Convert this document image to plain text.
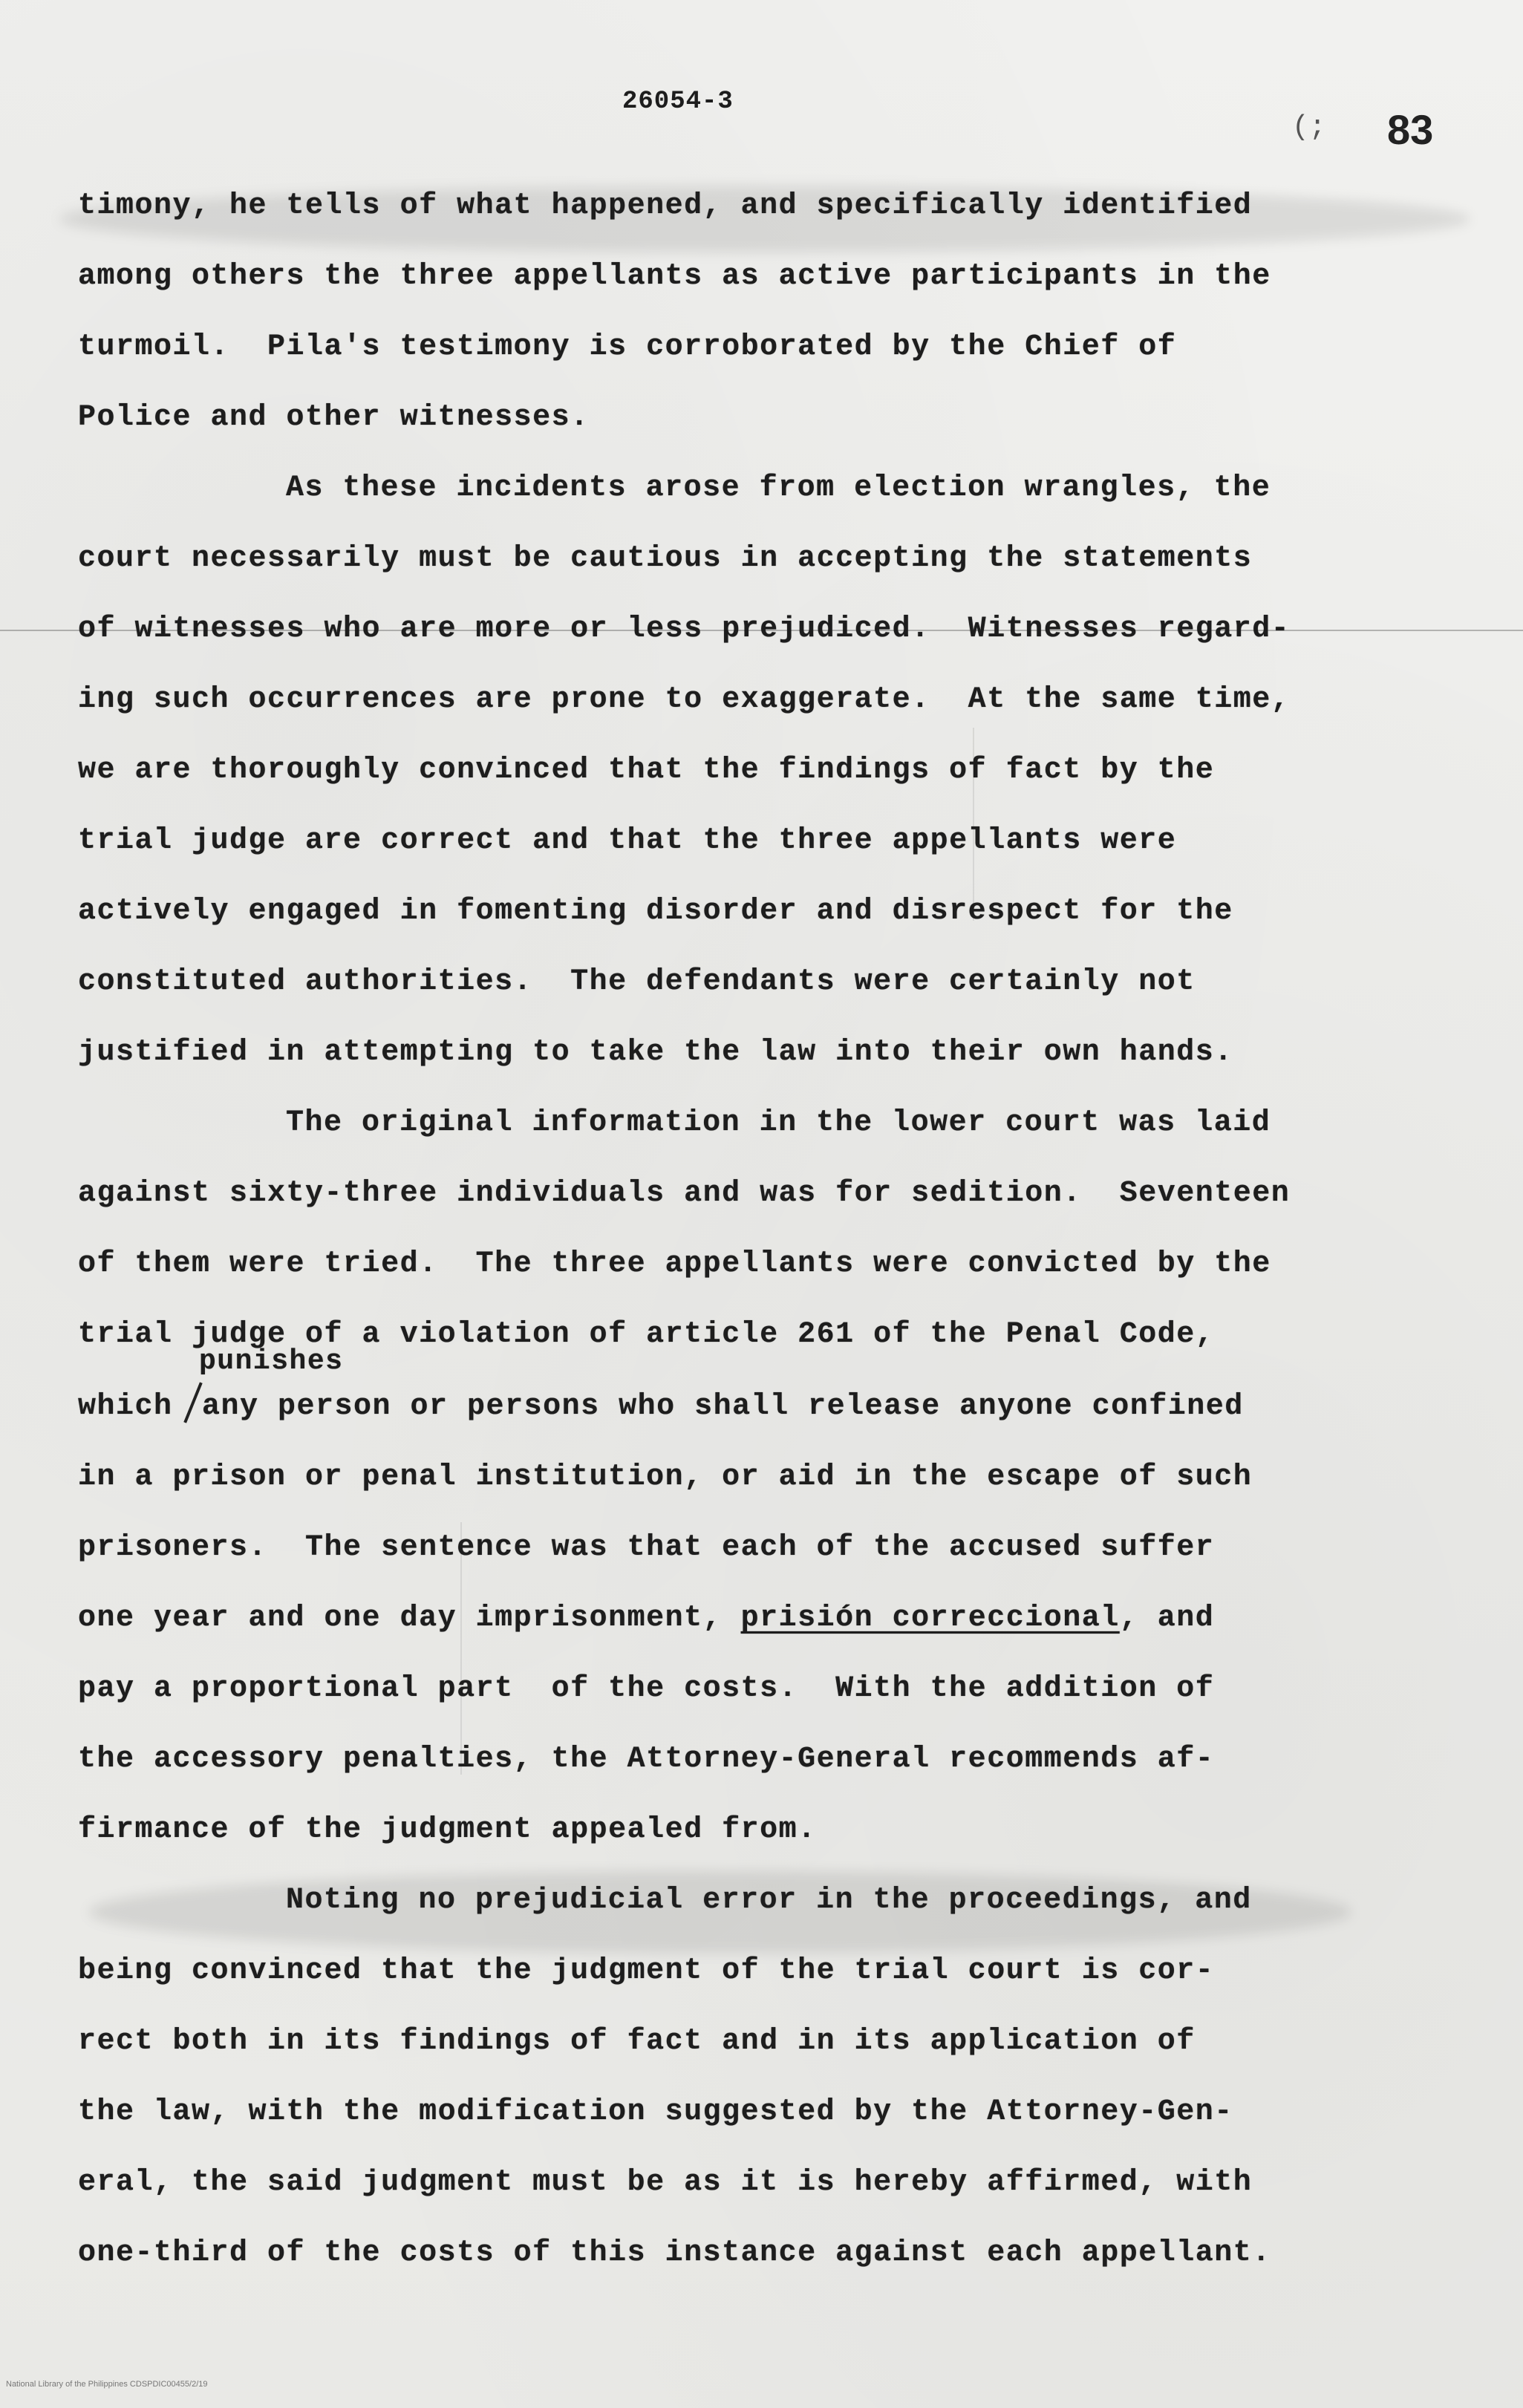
26054-3
(; 83
timony, he tells of what happened, and specifically identified
among others the three appellants as active participants in the
turmoil.  Pila's testimony is corroborated by the Chief of
Police and other witnesses.
As these incidents arose from election wrangles, the
court necessarily must be cautious in accepting the statements
of witnesses who are more or less prejudiced.  Witnesses regard-
ing such occurrences are prone to exaggerate.  At the same time,
we are thoroughly convinced that the findings of fact by the
trial judge are correct and that the three appellants were
actively engaged in fomenting disorder and disrespect for the
constituted authorities.  The defendants were certainly not
justified in attempting to take the law into their own hands.
The original information in the lower court was laid
against sixty-three individuals and was for sedition.  Seventeen
of them were tried.  The three appellants were convicted by the
trial judge of a violation of article 261 of the Penal Code,
punishes
which any person or persons who shall release anyone confined
in a prison or penal institution, or aid in the escape of such
prisoners.  The sentence was that each of the accused suffer
one year and one day imprisonment, prisión correccional, and
pay a proportional part  of the costs.  With the addition of
the accessory penalties, the Attorney-General recommends af-
firmance of the judgment appealed from.
Noting no prejudicial error in the proceedings, and
being convinced that the judgment of the trial court is cor-
rect both in its findings of fact and in its application of
the law, with the modification suggested by the Attorney-Gen-
eral, the said judgment must be as it is hereby affirmed, with
one-third of the costs of this instance against each appellant.
National Library of the Philippines CDSPDIC00455/2/19
